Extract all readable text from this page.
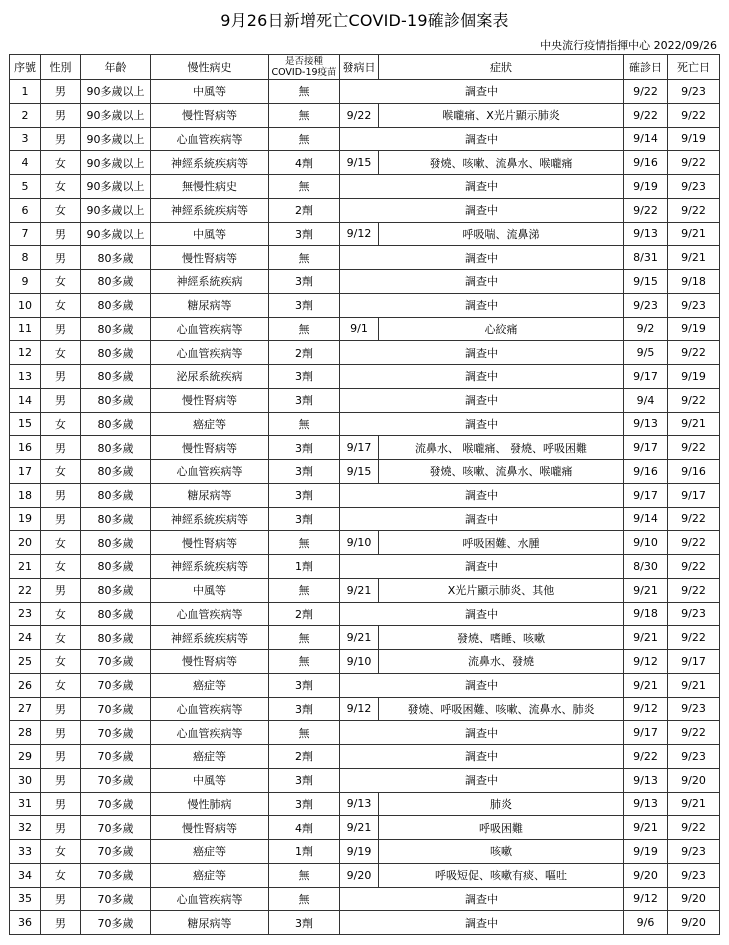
9月26日新增死亡COVID-19確診個案表
中央流行疫情指揮中心 2022/09/26
序號	性別	年齡	慢性病史	是否接種
COVID-19疫苗	發病日	症狀	確診日	死亡日
1	男	90多歲以上	中風等	無	調查中		9/22	9/23
2	男	90多歲以上	慢性腎病等	無	9/22	喉嚨痛、X光片顯示肺炎	9/22	9/22
3	男	90多歲以上	心血管疾病等	無	調查中		9/14	9/19
4	女	90多歲以上	神經系統疾病等	4劑	9/15	發燒、咳嗽、流鼻水、喉嚨痛	9/16	9/22
5	女	90多歲以上	無慢性病史	無	調查中		9/19	9/23
6	女	90多歲以上	神經系統疾病等	2劑	調查中		9/22	9/22
7	男	90多歲以上	中風等	3劑	9/12	呼吸喘、流鼻涕	9/13	9/21
8	男	80多歲	慢性腎病等	無	調查中		8/31	9/21
9	女	80多歲	神經系統疾病	3劑	調查中		9/15	9/18
10	女	80多歲	糖尿病等	3劑	調查中		9/23	9/23
11	男	80多歲	心血管疾病等	無	9/1	心絞痛	9/2	9/19
12	女	80多歲	心血管疾病等	2劑	調查中		9/5	9/22
13	男	80多歲	泌尿系統疾病	3劑	調查中		9/17	9/19
14	男	80多歲	慢性腎病等	3劑	調查中		9/4	9/22
15	女	80多歲	癌症等	無	調查中		9/13	9/21
16	男	80多歲	慢性腎病等	3劑	9/17	流鼻水、 喉嚨痛、 發燒、呼吸困難	9/17	9/22
17	女	80多歲	心血管疾病等	3劑	9/15	發燒、咳嗽、流鼻水、喉嚨痛	9/16	9/16
18	男	80多歲	糖尿病等	3劑	調查中		9/17	9/17
19	男	80多歲	神經系統疾病等	3劑	調查中		9/14	9/22
20	女	80多歲	慢性腎病等	無	9/10	呼吸困難、水腫	9/10	9/22
21	女	80多歲	神經系統疾病等	1劑	調查中		8/30	9/22
22	男	80多歲	中風等	無	9/21	X光片顯示肺炎、其他	9/21	9/22
23	女	80多歲	心血管疾病等	2劑	調查中		9/18	9/23
24	女	80多歲	神經系統疾病等	無	9/21	發燒、嗜睡、咳嗽	9/21	9/22
25	女	70多歲	慢性腎病等	無	9/10	流鼻水、發燒	9/12	9/17
26	女	70多歲	癌症等	3劑	調查中		9/21	9/21
27	男	70多歲	心血管疾病等	3劑	9/12	發燒、呼吸困難、咳嗽、流鼻水、肺炎	9/12	9/23
28	男	70多歲	心血管疾病等	無	調查中		9/17	9/22
29	男	70多歲	癌症等	2劑	調查中		9/22	9/23
30	男	70多歲	中風等	3劑	調查中		9/13	9/20
31	男	70多歲	慢性肺病	3劑	9/13	肺炎	9/13	9/21
32	男	70多歲	慢性腎病等	4劑	9/21	呼吸困難	9/21	9/22
33	女	70多歲	癌症等	1劑	9/19	咳嗽	9/19	9/23
34	女	70多歲	癌症等	無	9/20	呼吸短促、咳嗽有痰、嘔吐	9/20	9/23
35	男	70多歲	心血管疾病等	無	調查中		9/12	9/20
36	男	70多歲	糖尿病等	3劑	調查中		9/6	9/20
